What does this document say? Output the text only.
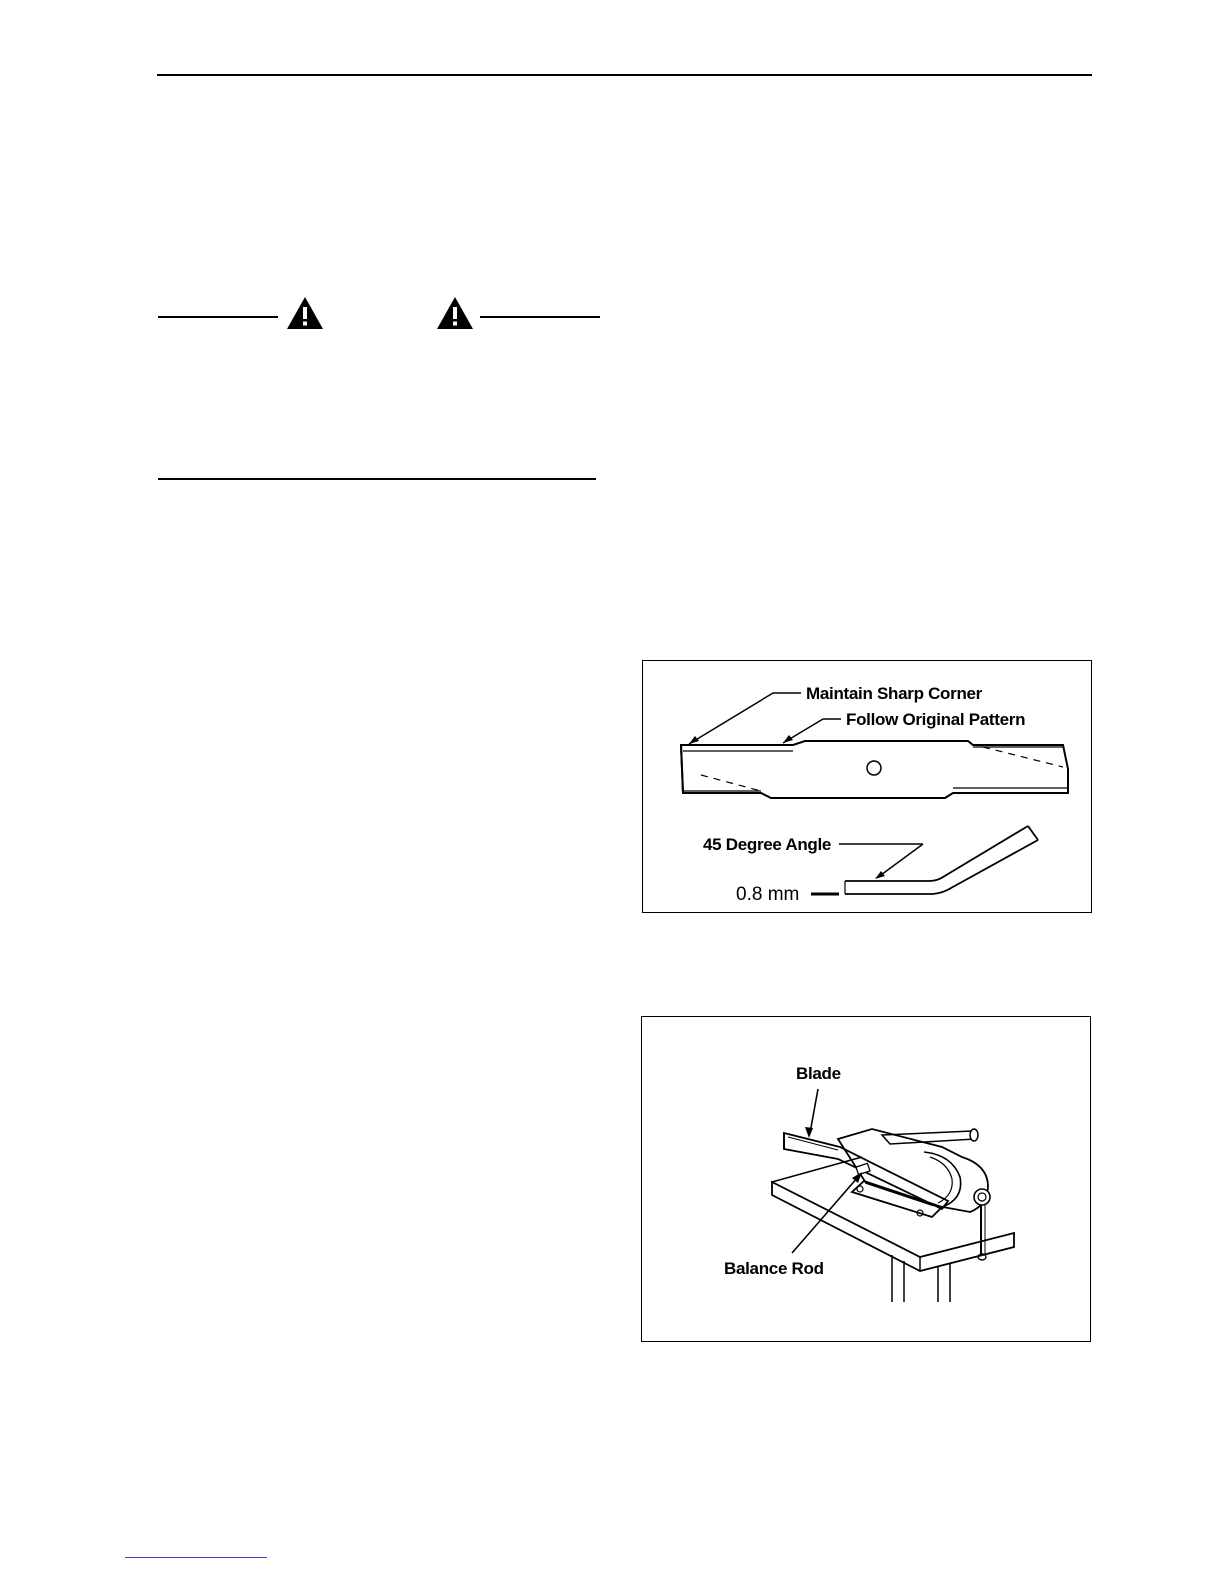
Maintain Sharp Corner
Follow Original Pattern
45 Degree Angle
0.8 mm
Blade
Balance Rod
